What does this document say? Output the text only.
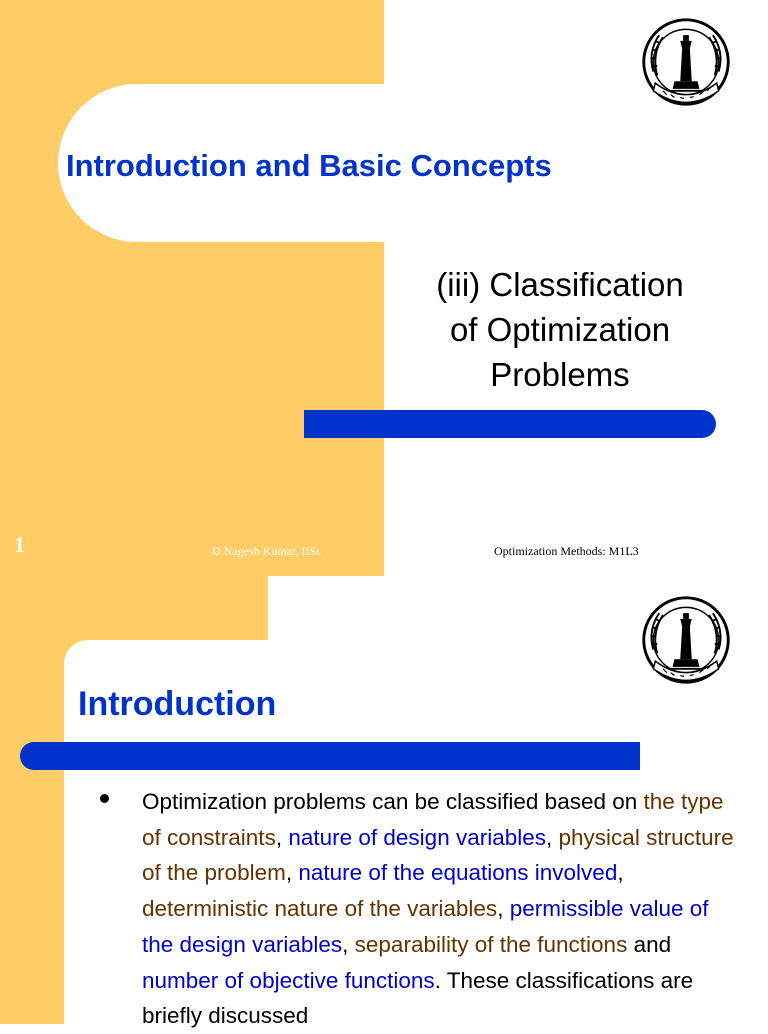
Introduction and Basic Concepts
(iii) Classification
of Optimization
Problems
1	D Nagesh Kumar, IISc	Optimization Methods: M1L3
Introduction
Optimization problems can be classified based on the type of constraints, nature of design variables, physical structure of the problem, nature of the equations involved, deterministic nature of the variables, permissible value of the design variables, separability of the functions and number of objective functions. These classifications are briefly discussed
